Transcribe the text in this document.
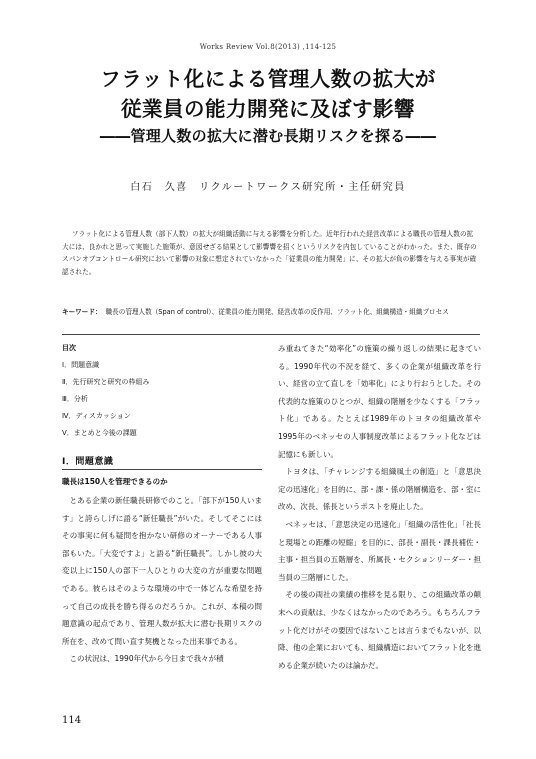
Works Review Vol.8(2013) ,114-125
フラット化による管理人数の拡大が
従業員の能力開発に及ぼす影響
――管理人数の拡大に潜む長期リスクを探る――
白石　久喜　リクルートワークス研究所・主任研究員
フラット化による管理人数（部下人数）の拡大が組織活動に与える影響を分析した。近年行われた経営改革による職長の管理人数の拡大には、良かれと思って実施した施策が、意図せざる結果として影響響を招くというリスクを内包していることがわかった。また、既存のスパンオブコントロール研究において影響の対象に想定されていなかった「従業員の能力開発」に、その拡大が負の影響を与える事実が確認された。
キーワード： 職長の管理人数（Span of control）、従業員の能力開発、経営改革の反作用、フラット化、組織構造・組織プロセス
目次
Ⅰ．問題意識
Ⅱ．先行研究と研究の枠組み
Ⅲ．分析
Ⅳ．ディスカッション
Ⅴ．まとめと今後の課題
Ⅰ．問題意識
職長は150人を管理できるのか

とある企業の新任職長研修でのこと。「部下が150人います」と誇らしげに語る“新任職長”がいた。そしてそこにはその事実に何も疑問を抱かない研修のオーナーである人事部もいた。「大変ですよ」と語る“新任職長”。しかし彼の大変以上に150人の部下一人ひとりの大変の方が重要な問題である。彼らはそのような環境の中で一体どんな希望を持って自己の成長を勝ち得るのだろうか。これが、本稿の問題意識の起点であり、管理人数が拡大に潜む長期リスクの所在を、改めて問い直す契機となった出来事である。

この状況は、1990年代から今日まで我々が積

み重ねてきた“効率化”の施策の繰り返しの結果に起きている。1990年代の不況を経て、多くの企業が組織改革を行い、経営の立て直しを「効率化」により行おうとした。その代表的な施策のひとつが、組織の階層を少なくする「フラット化」である。たとえば1989年のトヨタの組織改革や1995年のベネッセの人事制度改革によるフラット化などは記憶にも新しい。

トヨタは、「チャレンジする組織風土の創造」と「意思決定の迅速化」を目的に、部・課・係の階層構造を、部・室に改め、次長、係長というポストを廃止した。

ベネッセは、「意思決定の迅速化」「組織の活性化」「社長と現場との距離の短縮」を目的に、部長・副長・課長補佐・主事・担当員の五階層を、所属長・セクションリーダー・担当員の三階層にした。

その後の両社の業績の推移を見る限り、この組織改革の顛末への貢献は、少なくはなかったのであろう。もちろんフラット化だけがその要因ではないことは言うまでもないが、以降、他の企業においても、組織構造においてフラット化を進める企業が続いたのは論かだ。

114
